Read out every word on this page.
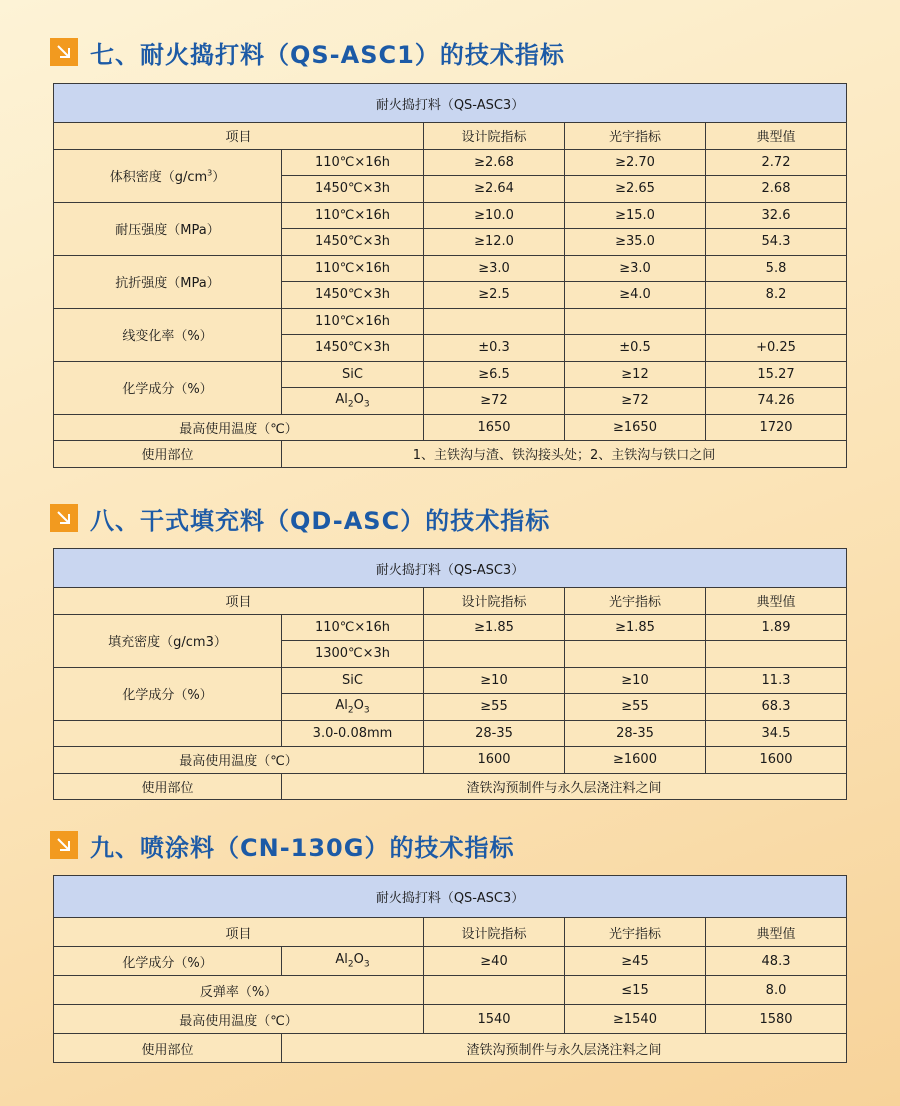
七、耐火捣打料（QS-ASC1）的技术指标
耐火捣打料（QS-ASC3）				
项目		设计院指标	光宇指标	典型值
体积密度$(g/cm^3)$	110℃×16h	≥2.68	≥2.70	2.72
	1450℃×3h	≥2.64	≥2.65	2.68
耐压强度（MPa）	110℃×16h	≥10.0	≥15.0	32.6
	1450℃×3h	≥12.0	≥35.0	54.3
抗折强度（MPa）	110℃×16h	≥3.0	≥3.0	5.8
	1450℃×3h	≥2.5	≥4.0	8.2
线变化率（%）	110℃×16h			
	1450℃×3h	±0.3	±0.5	+0.25
化学成分（%）	SiC	≥6.5	≥12	15.27
	$Al_2O_3$	≥72	≥72	74.26
最高使用温度（℃）		1650	≥1650	1720
使用部位	1、主铁沟与渣、铁沟接头处；2、主铁沟与铁口之间			
八、干式填充料（QD-ASC）的技术指标
耐火捣打料（QS-ASC3）				
项目		设计院指标	光宇指标	典型值
填充密度（g/cm3）	110℃×16h	≥1.85	≥1.85	1.89
	1300℃×3h			
化学成分（%）	SiC	≥10	≥10	11.3
	$Al_2O_3$	≥55	≥55	68.3
	3.0-0.08mm	28-35	28-35	34.5
最高使用温度（℃）		1600	≥1600	1600
使用部位	渣铁沟预制件与永久层浇注料之间			
九、喷涂料（CN-130G）的技术指标
耐火捣打料（QS-ASC3）				
项目		设计院指标	光宇指标	典型值
化学成分（%）	$Al_2O_3$	≥40	≥45	48.3
反弹率（%）			≤15	8.0
最高使用温度（℃）		1540	≥1540	1580
使用部位	渣铁沟预制件与永久层浇注料之间			
